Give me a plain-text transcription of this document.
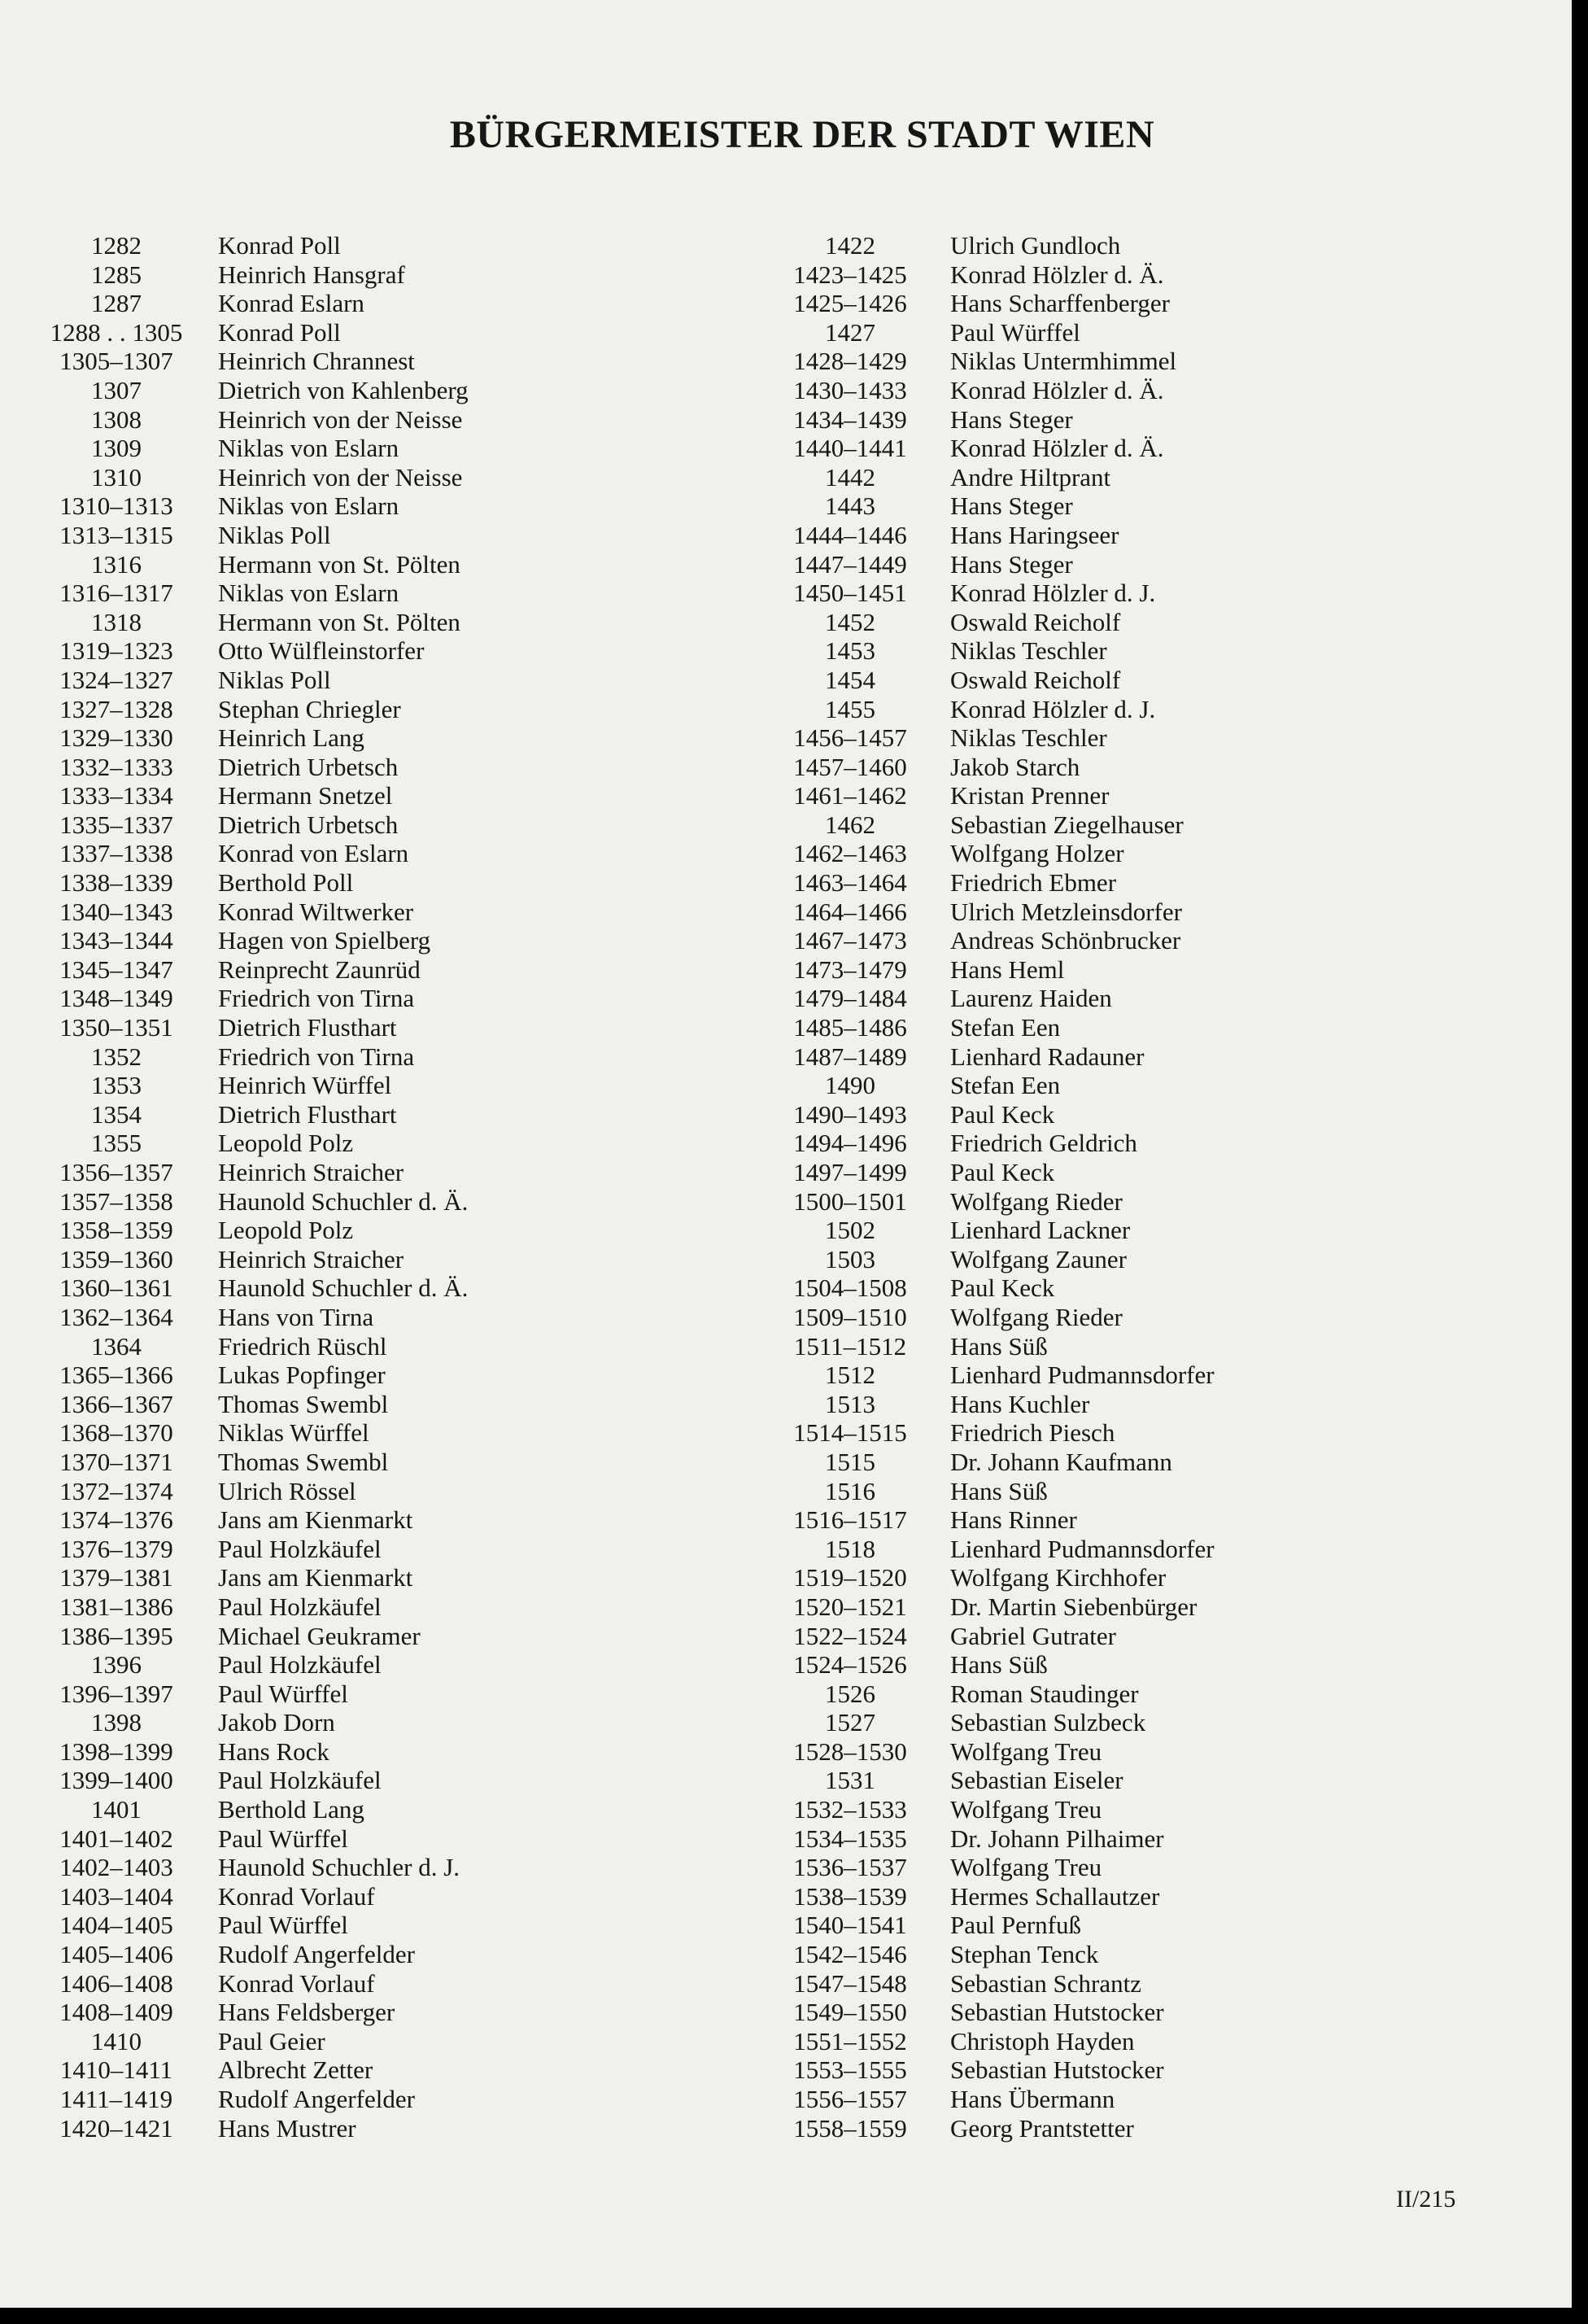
BÜRGERMEISTER DER STADT WIEN
1282	Konrad Poll
1285	Heinrich Hansgraf
1287	Konrad Eslarn
1288 . . 1305 Konrad Poll
1305–1307	Heinrich Chrannest
1307	Dietrich von Kahlenberg
1308	Heinrich von der Neisse
1309	Niklas von Eslarn
1310	Heinrich von der Neisse
1310–1313	Niklas von Eslarn
1313–1315	Niklas Poll
1316	Hermann von St. Pölten
1316–1317	Niklas von Eslarn
1318	Hermann von St. Pölten
1319–1323	Otto Wülfleinstorfer
1324–1327	Niklas Poll
1327–1328	Stephan Chriegler
1329–1330	Heinrich Lang
1332–1333	Dietrich Urbetsch
1333–1334	Hermann Snetzel
1335–1337	Dietrich Urbetsch
1337–1338	Konrad von Eslarn
1338–1339	Berthold Poll
1340–1343	Konrad Wiltwerker
1343–1344	Hagen von Spielberg
1345–1347	Reinprecht Zaunrüd
1348–1349	Friedrich von Tirna
1350–1351	Dietrich Flusthart
1352	Friedrich von Tirna
1353	Heinrich Würffel
1354	Dietrich Flusthart
1355	Leopold Polz
1356–1357	Heinrich Straicher
1357–1358	Haunold Schuchler d. Ä.
1358–1359	Leopold Polz
1359–1360	Heinrich Straicher
1360–1361	Haunold Schuchler d. Ä.
1362–1364	Hans von Tirna
1364	Friedrich Rüschl
1365–1366	Lukas Popfinger
1366–1367	Thomas Swembl
1368–1370	Niklas Würffel
1370–1371	Thomas Swembl
1372–1374	Ulrich Rössel
1374–1376	Jans am Kienmarkt
1376–1379	Paul Holzkäufel
1379–1381	Jans am Kienmarkt
1381–1386	Paul Holzkäufel
1386–1395	Michael Geukramer
1396	Paul Holzkäufel
1396–1397	Paul Würffel
1398	Jakob Dorn
1398–1399	Hans Rock
1399–1400	Paul Holzkäufel
1401	Berthold Lang
1401–1402	Paul Würffel
1402–1403	Haunold Schuchler d. J.
1403–1404	Konrad Vorlauf
1404–1405	Paul Würffel
1405–1406	Rudolf Angerfelder
1406–1408	Konrad Vorlauf
1408–1409	Hans Feldsberger
1410	Paul Geier
1410–1411	Albrecht Zetter
1411–1419	Rudolf Angerfelder
1420–1421	Hans Mustrer
1422	Ulrich Gundloch
1423–1425	Konrad Hölzler d. Ä.
1425–1426	Hans Scharffenberger
1427	Paul Würffel
1428–1429	Niklas Untermhimmel
1430–1433	Konrad Hölzler d. Ä.
1434–1439	Hans Steger
1440–1441	Konrad Hölzler d. Ä.
1442	Andre Hiltprant
1443	Hans Steger
1444–1446	Hans Haringseer
1447–1449	Hans Steger
1450–1451	Konrad Hölzler d. J.
1452	Oswald Reicholf
1453	Niklas Teschler
1454	Oswald Reicholf
1455	Konrad Hölzler d. J.
1456–1457	Niklas Teschler
1457–1460	Jakob Starch
1461–1462	Kristan Prenner
1462	Sebastian Ziegelhauser
1462–1463	Wolfgang Holzer
1463–1464	Friedrich Ebmer
1464–1466	Ulrich Metzleinsdorfer
1467–1473	Andreas Schönbrucker
1473–1479	Hans Heml
1479–1484	Laurenz Haiden
1485–1486	Stefan Een
1487–1489	Lienhard Radauner
1490	Stefan Een
1490–1493	Paul Keck
1494–1496	Friedrich Geldrich
1497–1499	Paul Keck
1500–1501	Wolfgang Rieder
1502	Lienhard Lackner
1503	Wolfgang Zauner
1504–1508	Paul Keck
1509–1510	Wolfgang Rieder
1511–1512	Hans Süß
1512	Lienhard Pudmannsdorfer
1513	Hans Kuchler
1514–1515	Friedrich Piesch
1515	Dr. Johann Kaufmann
1516	Hans Süß
1516–1517	Hans Rinner
1518	Lienhard Pudmannsdorfer
1519–1520	Wolfgang Kirchhofer
1520–1521	Dr. Martin Siebenbürger
1522–1524	Gabriel Gutrater
1524–1526	Hans Süß
1526	Roman Staudinger
1527	Sebastian Sulzbeck
1528–1530	Wolfgang Treu
1531	Sebastian Eiseler
1532–1533	Wolfgang Treu
1534–1535	Dr. Johann Pilhaimer
1536–1537	Wolfgang Treu
1538–1539	Hermes Schallautzer
1540–1541	Paul Pernfuß
1542–1546	Stephan Tenck
1547–1548	Sebastian Schrantz
1549–1550	Sebastian Hutstocker
1551–1552	Christoph Hayden
1553–1555	Sebastian Hutstocker
1556–1557	Hans Übermann
1558–1559	Georg Prantstetter
II/215
